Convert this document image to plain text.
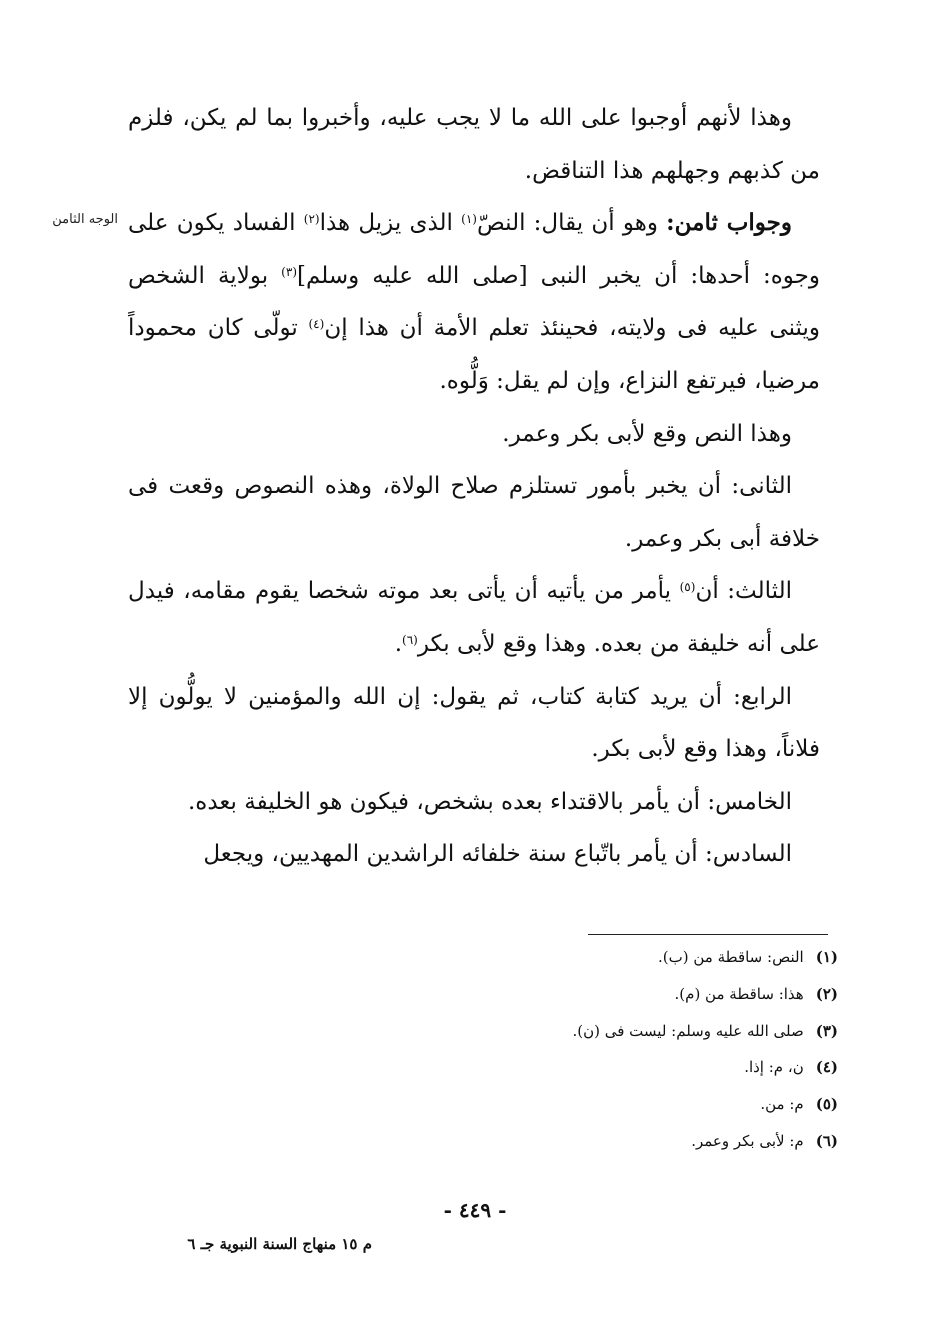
الوجه الثامن

وهذا لأنهم أوجبوا على الله ما لا يجب عليه، وأخبروا بما لم يكن، فلزم من كذبهم وجهلهم هذا التناقض.

وجواب ثامن: وهو أن يقال: النصّ$^{(١)}$ الذى يزيل هذا$^{(٢)}$ الفساد يكون على وجوه: أحدها: أن يخبر النبى [صلى الله عليه وسلم]$^{(٣)}$ بولاية الشخص ويثنى عليه فى ولايته، فحينئذ تعلم الأمة أن هذا إن$^{(٤)}$ تولّى كان محموداً مرضيا، فيرتفع النزاع، وإن لم يقل: وَلُّوه.

وهذا النص وقع لأبى بكر وعمر.

الثانى: أن يخبر بأمور تستلزم صلاح الولاة، وهذه النصوص وقعت فى خلافة أبى بكر وعمر.

الثالث: أن$^{(٥)}$ يأمر من يأتيه أن يأتى بعد موته شخصا يقوم مقامه، فيدل على أنه خليفة من بعده. وهذا وقع لأبى بكر$^{(٦)}$.

الرابع: أن يريد كتابة كتاب، ثم يقول: إن الله والمؤمنين لا يولُّون إلا فلاناً، وهذا وقع لأبى بكر.

الخامس: أن يأمر بالاقتداء بعده بشخص، فيكون هو الخليفة بعده.

السادس: أن يأمر باتّباع سنة خلفائه الراشدين المهديين، ويجعل

(١)
النص: ساقطة من (ب).
(٢)
هذا: ساقطة من (م).
(٣)
صلى الله عليه وسلم: ليست فى (ن).
(٤)
ن، م: إذا.
(٥)
م: من.
(٦)
م: لأبى بكر وعمر.
- ٤٤٩ -
م ١٥ منهاج السنة النبوية جـ ٦
